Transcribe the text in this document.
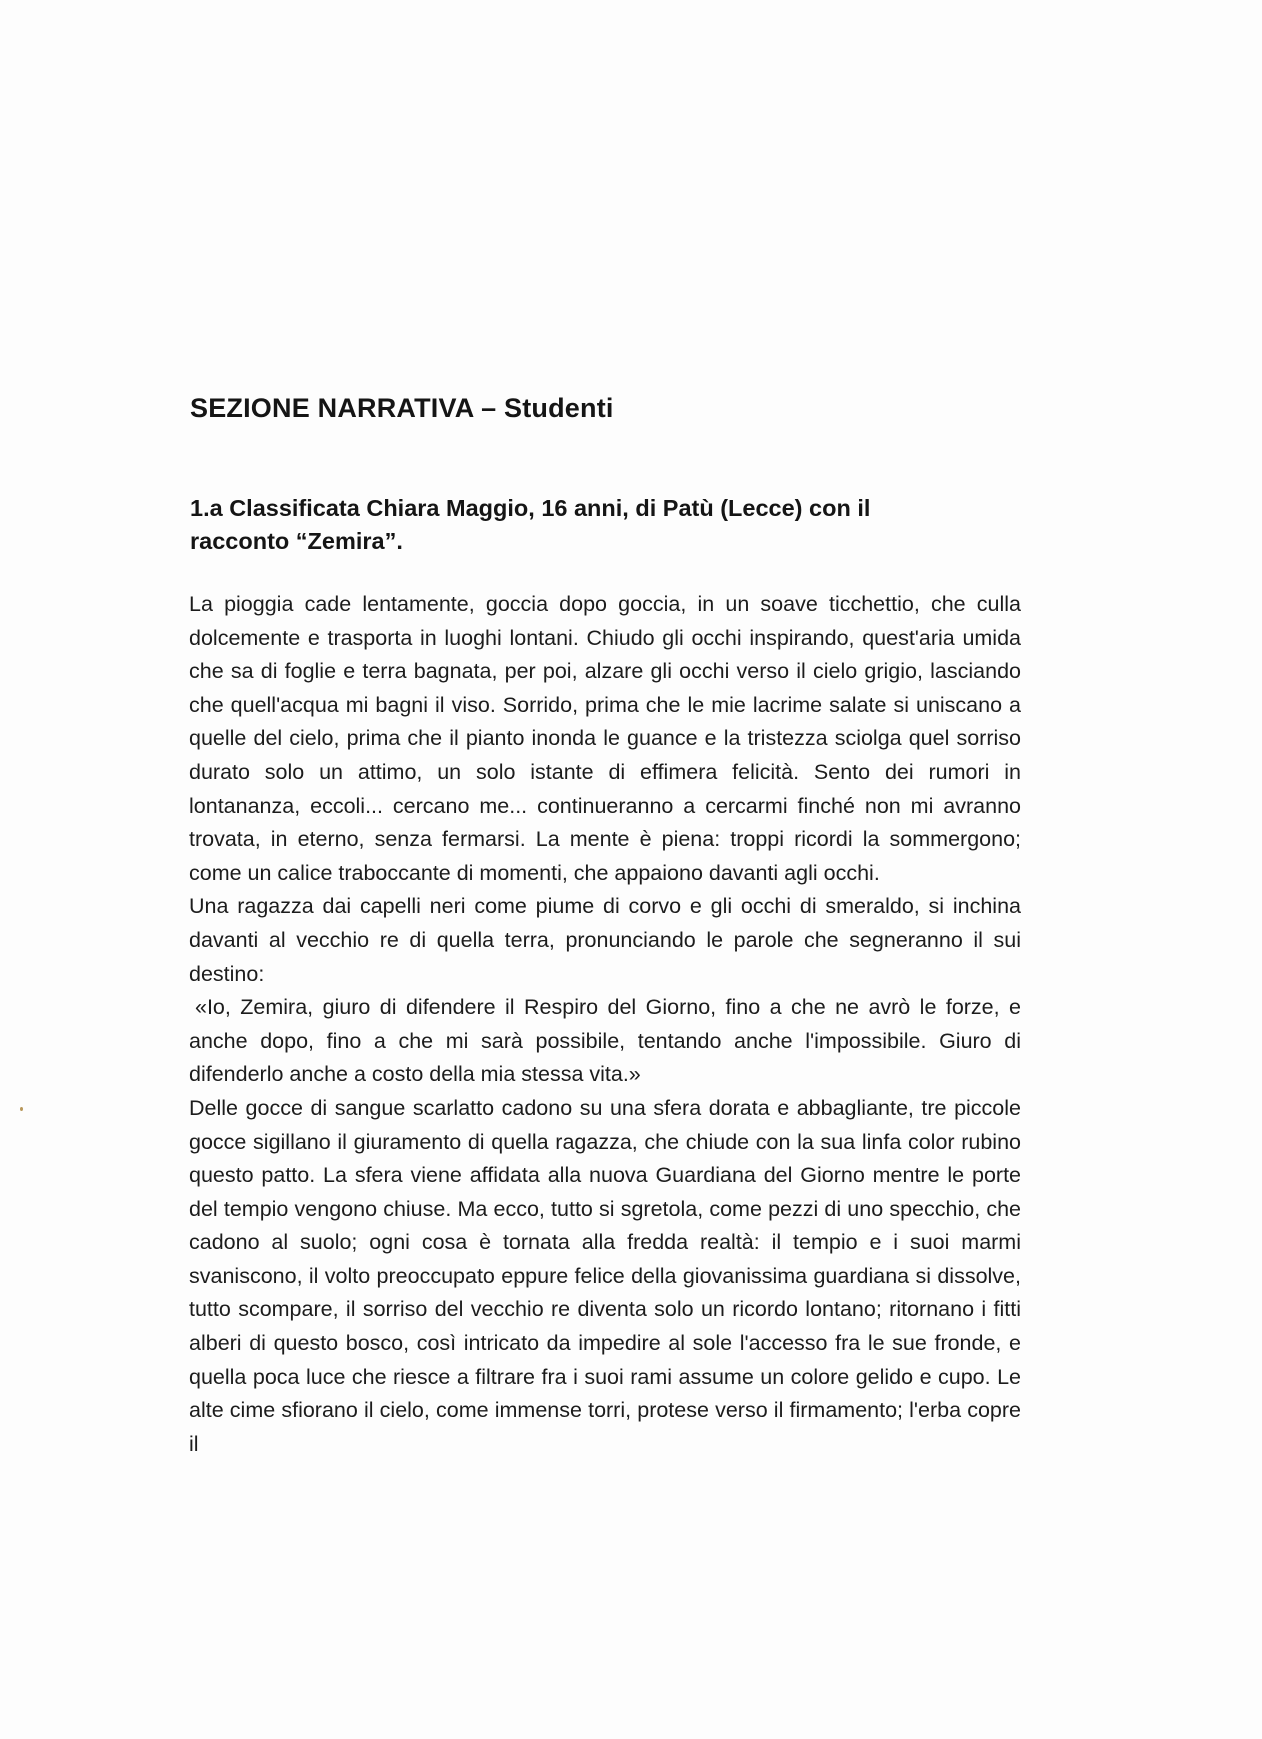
SEZIONE NARRATIVA – Studenti
1.a Classificata Chiara Maggio, 16 anni, di Patù (Lecce) con il racconto “Zemira”.

La pioggia cade lentamente, goccia dopo goccia, in un soave ticchettio, che culla dolcemente e trasporta in luoghi lontani. Chiudo gli occhi inspirando, quest'aria umida che sa di foglie e terra bagnata, per poi, alzare gli occhi verso il cielo grigio, lasciando che quell'acqua mi bagni il viso. Sorrido, prima che le mie lacrime salate si uniscano a quelle del cielo, prima che il pianto inonda le guance e la tristezza sciolga quel sorriso durato solo un attimo, un solo istante di effimera felicità. Sento dei rumori in lontananza, eccoli... cercano me... continueranno a cercarmi finché non mi avranno trovata, in eterno, senza fermarsi. La mente è piena: troppi ricordi la sommergono; come un calice traboccante di momenti, che appaiono davanti agli occhi.

Una ragazza dai capelli neri come piume di corvo e gli occhi di smeraldo, si inchina davanti al vecchio re di quella terra, pronunciando le parole che segneranno il sui destino:

«Io, Zemira, giuro di difendere il Respiro del Giorno, fino a che ne avrò le forze, e anche dopo, fino a che mi sarà possibile, tentando anche l'impossibile. Giuro di difenderlo anche a costo della mia stessa vita.»

Delle gocce di sangue scarlatto cadono su una sfera dorata e abbagliante, tre piccole gocce sigillano il giuramento di quella ragazza, che chiude con la sua linfa color rubino questo patto. La sfera viene affidata alla nuova Guardiana del Giorno mentre le porte del tempio vengono chiuse. Ma ecco, tutto si sgretola, come pezzi di uno specchio, che cadono al suolo; ogni cosa è tornata alla fredda realtà: il tempio e i suoi marmi svaniscono, il volto preoccupato eppure felice della giovanissima guardiana si dissolve, tutto scompare, il sorriso del vecchio re diventa solo un ricordo lontano; ritornano i fitti alberi di questo bosco, così intricato da impedire al sole l'accesso fra le sue fronde, e quella poca luce che riesce a filtrare fra i suoi rami assume un colore gelido e cupo. Le alte cime sfiorano il cielo, come immense torri, protese verso il firmamento; l'erba copre il
